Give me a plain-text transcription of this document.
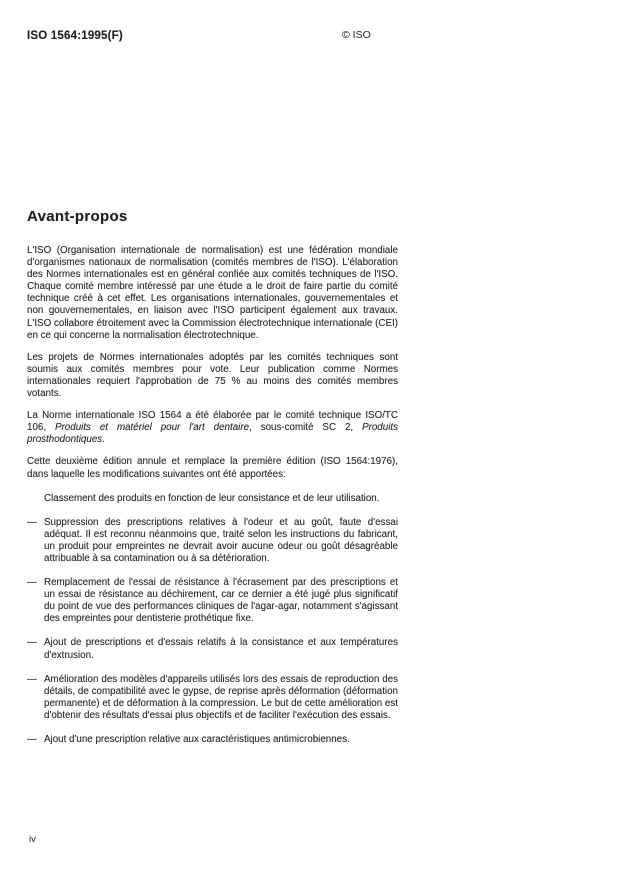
ISO 1564:1995(F)	© ISO
Avant-propos

L'ISO (Organisation internationale de normalisation) est une fédération mondiale d'organismes nationaux de normalisation (comités membres de l'ISO). L'élaboration des Normes internationales est en général confiée aux comités techniques de l'ISO. Chaque comité membre intéressé par une étude a le droit de faire partie du comité technique créé à cet effet. Les organisations internationales, gouvernementales et non gouvernementales, en liaison avec l'ISO participent également aux travaux. L'ISO collabore étroitement avec la Commission électrotechnique internationale (CEI) en ce qui concerne la normalisation électrotechnique.

Les projets de Normes internationales adoptés par les comités techniques sont soumis aux comités membres pour vote. Leur publication comme Normes internationales requiert l'approbation de 75 % au moins des comités membres votants.

La Norme internationale ISO 1564 a été élaborée par le comité technique ISO/TC 106, Produits et matériel pour l'art dentaire, sous-comité SC 2, Produits prosthodontiques.

Cette deuxième édition annule et remplace la première édition (ISO 1564:1976), dans laquelle les modifications suivantes ont été apportées:

Classement des produits en fonction de leur consistance et de leur utilisation.
— Suppression des prescriptions relatives à l'odeur et au goût, faute d'essai adéquat. Il est reconnu néanmoins que, traité selon les instructions du fabricant, un produit pour empreintes ne devrait avoir aucune odeur ou goût désagréable attribuable à sa contamination ou à sa détérioration.
— Remplacement de l'essai de résistance à l'écrasement par des prescriptions et un essai de résistance au déchirement, car ce dernier a été jugé plus significatif du point de vue des performances cliniques de l'agar-agar, notamment s'agissant des empreintes pour dentisterie prothétique fixe.
— Ajout de prescriptions et d'essais relatifs à la consistance et aux températures d'extrusion.
— Amélioration des modèles d'appareils utilisés lors des essais de reproduction des détails, de compatibilité avec le gypse, de reprise après déformation (déformation permanente) et de déformation à la compression. Le but de cette amélioration est d'obtenir des résultats d'essai plus objectifs et de faciliter l'exécution des essais.
— Ajout d'une prescription relative aux caractéristiques antimicrobiennes.
iv
